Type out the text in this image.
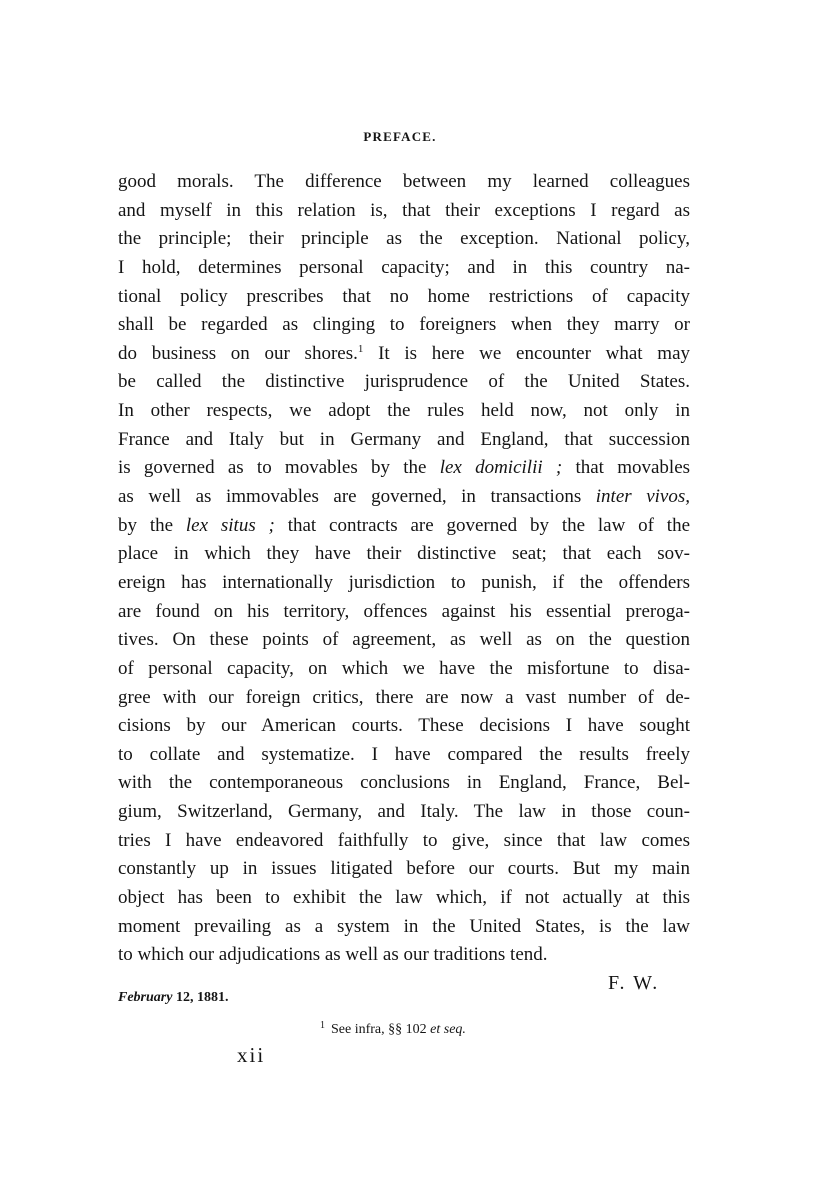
PREFACE.
good morals. The difference between my learned colleagues
and myself in this relation is, that their exceptions I regard as
the principle; their principle as the exception. National policy,
I hold, determines personal capacity; and in this country na-
tional policy prescribes that no home restrictions of capacity
shall be regarded as clinging to foreigners when they marry or
do business on our shores.$^1$ It is here we encounter what may
be called the distinctive jurisprudence of the United States.
In other respects, we adopt the rules held now, not only in
France and Italy but in Germany and England, that succession
is governed as to movables by the lex domicilii ; that movables
as well as immovables are governed, in transactions inter vivos,
by the lex situs ; that contracts are governed by the law of the
place in which they have their distinctive seat; that each sov-
ereign has internationally jurisdiction to punish, if the offenders
are found on his territory, offences against his essential preroga-
tives. On these points of agreement, as well as on the question
of personal capacity, on which we have the misfortune to disa-
gree with our foreign critics, there are now a vast number of de-
cisions by our American courts. These decisions I have sought
to collate and systematize. I have compared the results freely
with the contemporaneous conclusions in England, France, Bel-
gium, Switzerland, Germany, and Italy. The law in those coun-
tries I have endeavored faithfully to give, since that law comes
constantly up in issues litigated before our courts. But my main
object has been to exhibit the law which, if not actually at this
moment prevailing as a system in the United States, is the law
to which our adjudications as well as our traditions tend.
F. W.
February 12, 1881.
$^1$ See infra, §§ 102 et seq.
xii
